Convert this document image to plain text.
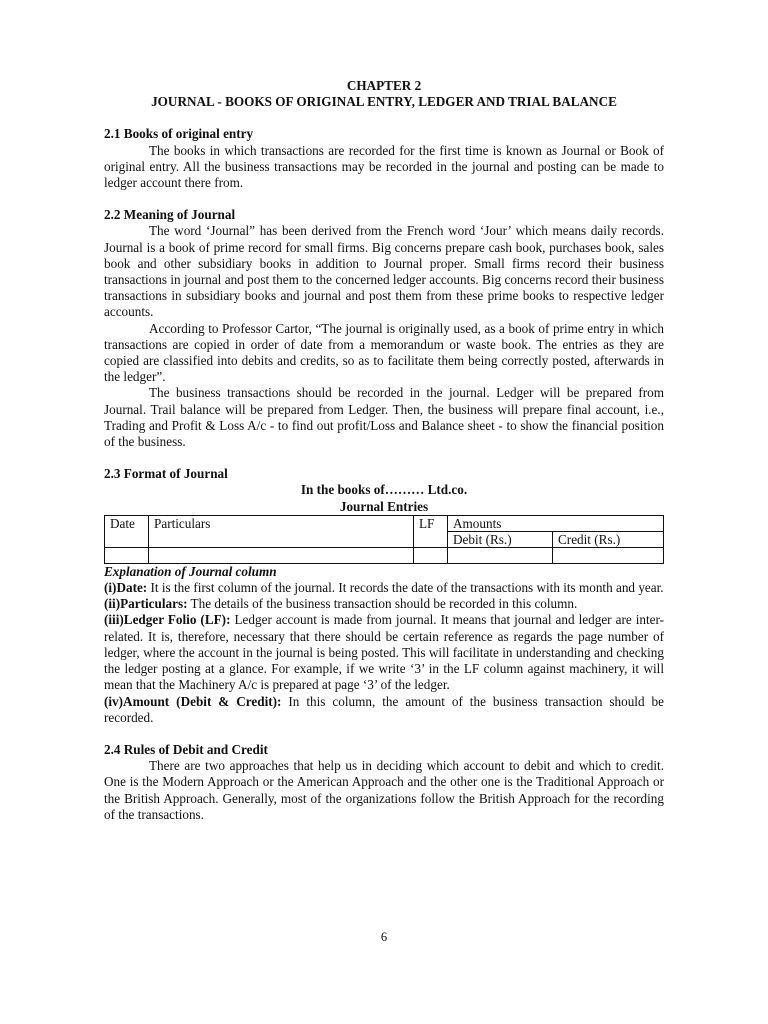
CHAPTER 2

JOURNAL - BOOKS OF ORIGINAL ENTRY, LEDGER AND TRIAL BALANCE

2.1 Books of original entry

The books in which transactions are recorded for the first time is known as Journal or Book of original entry. All the business transactions may be recorded in the journal and posting can be made to ledger account there from.

2.2 Meaning of Journal

The word ‘Journal” has been derived from the French word ‘Jour’ which means daily records. Journal is a book of prime record for small firms. Big concerns prepare cash book, purchases book, sales book and other subsidiary books in addition to Journal proper. Small firms record their business transactions in journal and post them to the concerned ledger accounts. Big concerns record their business transactions in subsidiary books and journal and post them from these prime books to respective ledger accounts.

According to Professor Cartor, “The journal is originally used, as a book of prime entry in which transactions are copied in order of date from a memorandum or waste book. The entries as they are copied are classified into debits and credits, so as to facilitate them being correctly posted, afterwards in the ledger”.

The business transactions should be recorded in the journal. Ledger will be prepared from Journal. Trail balance will be prepared from Ledger. Then, the business will prepare final account, i.e., Trading and Profit & Loss A/c - to find out profit/Loss and Balance sheet - to show the financial position of the business.

2.3 Format of Journal

In the books of……… Ltd.co.

Journal Entries

Date	Particulars	LF	Amounts	
			Debit (Rs.)	Credit (Rs.)

Explanation of Journal column

(i)Date: It is the first column of the journal. It records the date of the transactions with its month and year.

(ii)Particulars: The details of the business transaction should be recorded in this column.

(iii)Ledger Folio (LF): Ledger account is made from journal. It means that journal and ledger are inter-related. It is, therefore, necessary that there should be certain reference as regards the page number of ledger, where the account in the journal is being posted. This will facilitate in understanding and checking the ledger posting at a glance. For example, if we write ‘3’ in the LF column against machinery, it will mean that the Machinery A/c is prepared at page ‘3’ of the ledger.

(iv)Amount (Debit & Credit): In this column, the amount of the business transaction should be recorded.

2.4 Rules of Debit and Credit

There are two approaches that help us in deciding which account to debit and which to credit. One is the Modern Approach or the American Approach and the other one is the Traditional Approach or the British Approach. Generally, most of the organizations follow the British Approach for the recording of the transactions.

6
